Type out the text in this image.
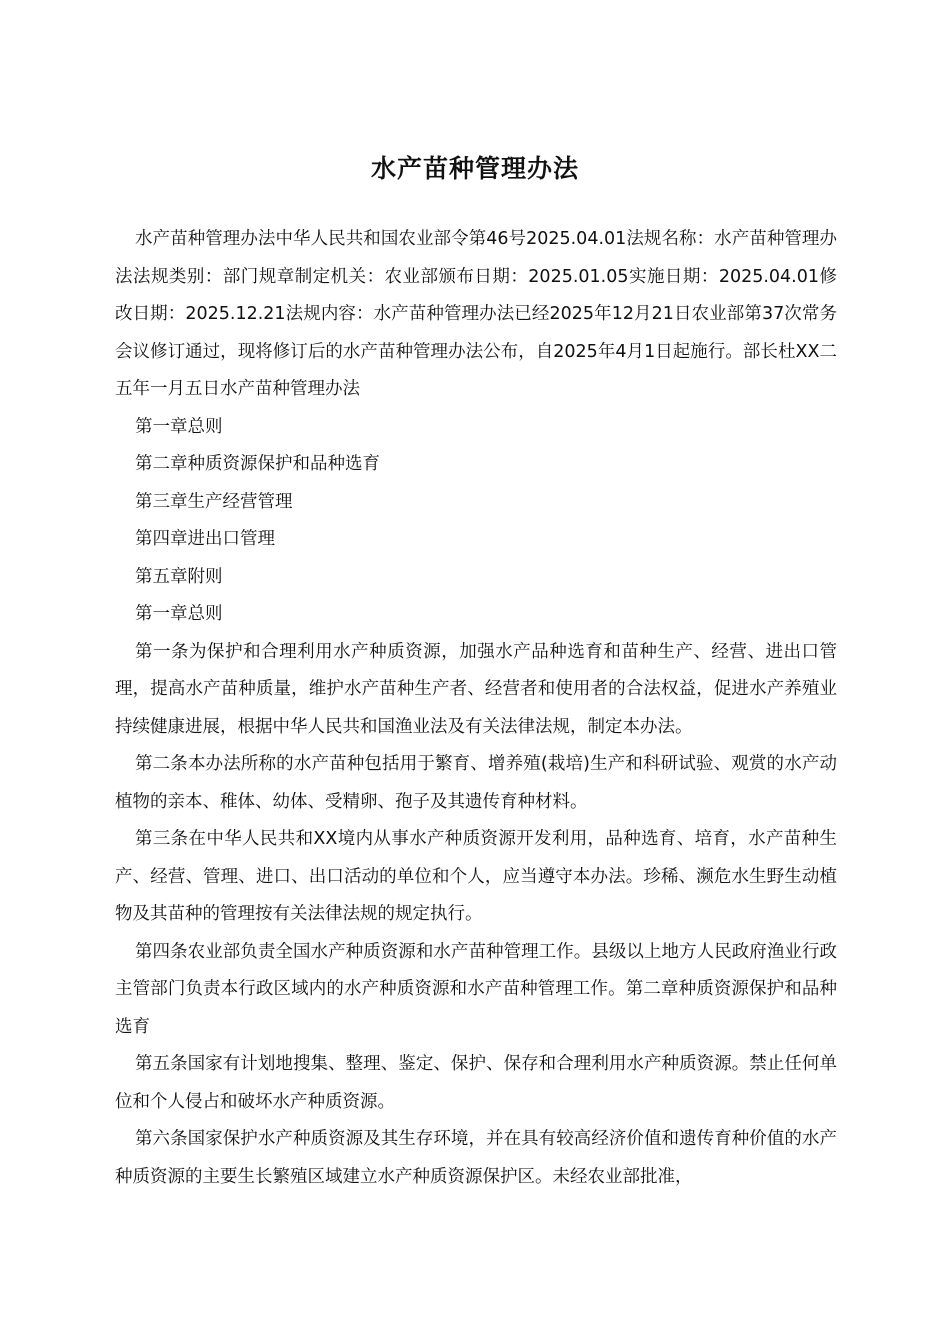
水产苗种管理办法

水产苗种管理办法中华人民共和国农业部令第46号2025.04.01法规名称：水产苗种管理办法法规类别：部门规章制定机关：农业部颁布日期：2025.01.05实施日期：2025.04.01修改日期：2025.12.21法规内容：水产苗种管理办法已经2025年12月21日农业部第37次常务会议修订通过，现将修订后的水产苗种管理办法公布，自2025年4月1日起施行。部长杜XX二五年一月五日水产苗种管理办法

第一章总则

第二章种质资源保护和品种选育

第三章生产经营管理

第四章进出口管理

第五章附则

第一章总则

第一条为保护和合理利用水产种质资源，加强水产品种选育和苗种生产、经营、进出口管理，提高水产苗种质量，维护水产苗种生产者、经营者和使用者的合法权益，促进水产养殖业持续健康进展，根据中华人民共和国渔业法及有关法律法规，制定本办法。

第二条本办法所称的水产苗种包括用于繁育、增养殖(栽培)生产和科研试验、观赏的水产动植物的亲本、稚体、幼体、受精卵、孢子及其遗传育种材料。

第三条在中华人民共和XX境内从事水产种质资源开发利用，品种选育、培育，水产苗种生产、经营、管理、进口、出口活动的单位和个人，应当遵守本办法。珍稀、濒危水生野生动植物及其苗种的管理按有关法律法规的规定执行。

第四条农业部负责全国水产种质资源和水产苗种管理工作。县级以上地方人民政府渔业行政主管部门负责本行政区域内的水产种质资源和水产苗种管理工作。第二章种质资源保护和品种选育

第五条国家有计划地搜集、整理、鉴定、保护、保存和合理利用水产种质资源。禁止任何单位和个人侵占和破坏水产种质资源。

第六条国家保护水产种质资源及其生存环境，并在具有较高经济价值和遗传育种价值的水产种质资源的主要生长繁殖区域建立水产种质资源保护区。未经农业部批准，
